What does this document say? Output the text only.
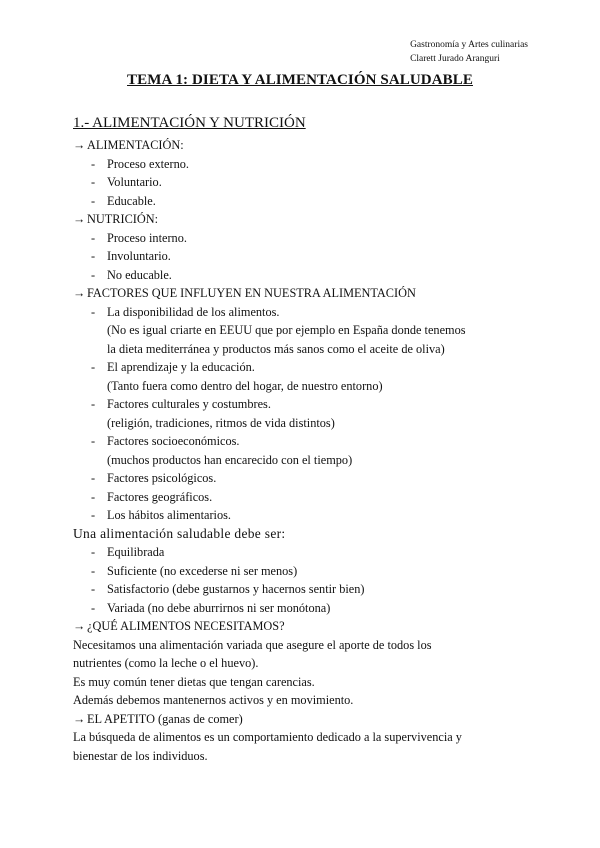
Gastronomía y Artes culinarias
Clarett Jurado Aranguri
TEMA 1: DIETA Y ALIMENTACIÓN SALUDABLE
1.- ALIMENTACIÓN Y NUTRICIÓN
→ ALIMENTACIÓN:
- Proceso externo.
- Voluntario.
- Educable.
→ NUTRICIÓN:
- Proceso interno.
- Involuntario.
- No educable.
→ FACTORES QUE INFLUYEN EN NUESTRA ALIMENTACIÓN
- La disponibilidad de los alimentos.
(No es igual criarte en EEUU que por ejemplo en España donde tenemos
la dieta mediterránea y productos más sanos como el aceite de oliva)
- El aprendizaje y la educación.
(Tanto fuera como dentro del hogar, de nuestro entorno)
- Factores culturales y costumbres.
(religión, tradiciones, ritmos de vida distintos)
- Factores socioeconómicos.
(muchos productos han encarecido con el tiempo)
- Factores psicológicos.
- Factores geográficos.
- Los hábitos alimentarios.
Una alimentación saludable debe ser:
- Equilibrada
- Suficiente (no excederse ni ser menos)
- Satisfactorio (debe gustarnos y hacernos sentir bien)
- Variada (no debe aburrirnos ni ser monótona)
→ ¿QUÉ ALIMENTOS NECESITAMOS?
Necesitamos una alimentación variada que asegure el aporte de todos los
nutrientes (como la leche o el huevo).
Es muy común tener dietas que tengan carencias.
Además debemos mantenernos activos y en movimiento.
→ EL APETITO (ganas de comer)
La búsqueda de alimentos es un comportamiento dedicado a la supervivencia y
bienestar de los individuos.
